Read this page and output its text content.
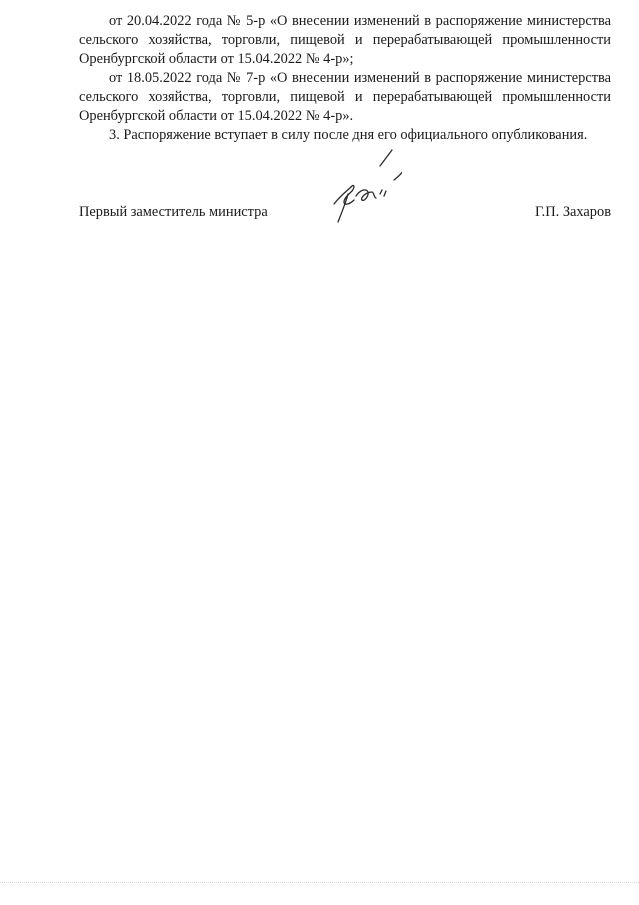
от 20.04.2022 года № 5-р «О внесении изменений в распоряжение министерства сельского хозяйства, торговли, пищевой и перерабатывающей промышленности Оренбургской области от 15.04.2022 № 4-р»;

от 18.05.2022 года № 7-р «О внесении изменений в распоряжение министерства сельского хозяйства, торговли, пищевой и перерабатывающей промышленности Оренбургской области от 15.04.2022 № 4-р».

3. Распоряжение вступает в силу после дня его официального опубликования.

Первый заместитель министра	Г.П. Захаров
